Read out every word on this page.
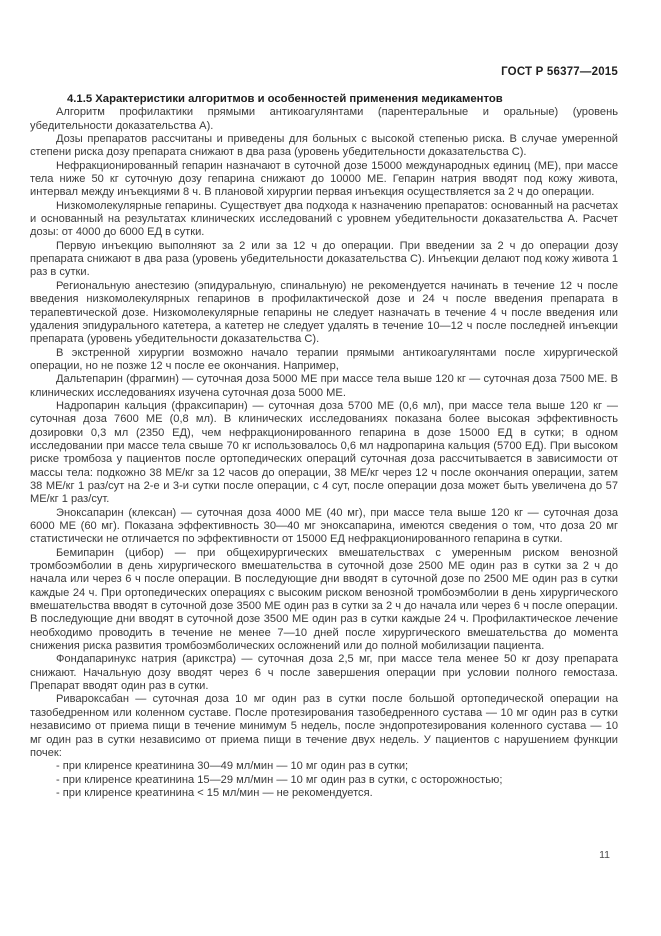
ГОСТ Р 56377—2015

4.1.5 Характеристики алгоритмов и особенностей применения медикаментов

Алгоритм профилактики прямыми антикоагулянтами (парентеральные и оральные) (уровень убедительности доказательства А).

Дозы препаратов рассчитаны и приведены для больных с высокой степенью риска. В случае умеренной степени риска дозу препарата снижают в два раза (уровень убедительности доказательства С).

Нефракционированный гепарин назначают в суточной дозе 15000 международных единиц (МЕ), при массе тела ниже 50 кг суточную дозу гепарина снижают до 10000 МЕ. Гепарин натрия вводят под кожу живота, интервал между инъекциями 8 ч. В плановой хирургии первая инъекция осуществляется за 2 ч до операции.

Низкомолекулярные гепарины. Существует два подхода к назначению препаратов: основанный на расчетах и основанный на результатах клинических исследований с уровнем убедительности доказательства А. Расчет дозы: от 4000 до 6000 ЕД в сутки.

Первую инъекцию выполняют за 2 или за 12 ч до операции. При введении за 2 ч до операции дозу препарата снижают в два раза (уровень убедительности доказательства С). Инъекции делают под кожу живота 1 раз в сутки.

Региональную анестезию (эпидуральную, спинальную) не рекомендуется начинать в течение 12 ч после введения низкомолекулярных гепаринов в профилактической дозе и 24 ч после введения препарата в терапевтической дозе. Низкомолекулярные гепарины не следует назначать в течение 4 ч после введения или удаления эпидурального катетера, а катетер не следует удалять в течение 10—12 ч после последней инъекции препарата (уровень убедительности доказательства С).

В экстренной хирургии возможно начало терапии прямыми антикоагулянтами после хирургической операции, но не позже 12 ч после ее окончания. Например,

Дальтепарин (фрагмин) — суточная доза 5000 МЕ при массе тела выше 120 кг — суточная доза 7500 МЕ. В клинических исследованиях изучена суточная доза 5000 МЕ.

Надропарин кальция (фраксипарин) — суточная доза 5700 МЕ (0,6 мл), при массе тела выше 120 кг — суточная доза 7600 МЕ (0,8 мл). В клинических исследованиях показана более высокая эффективность дозировки 0,3 мл (2350 ЕД), чем нефракционированного гепарина в дозе 15000 ЕД в сутки; в одном исследовании при массе тела свыше 70 кг использовалось 0,6 мл надропарина кальция (5700 ЕД). При высоком риске тромбоза у пациентов после ортопедических операций суточная доза рассчитывается в зависимости от массы тела: подкожно 38 МЕ/кг за 12 часов до операции, 38 МЕ/кг через 12 ч после окончания операции, затем 38 МЕ/кг 1 раз/сут на 2-е и 3-и сутки после операции, с 4 сут, после операции доза может быть увеличена до 57 МЕ/кг 1 раз/сут.

Эноксапарин (клексан) — суточная доза 4000 МЕ (40 мг), при массе тела выше 120 кг — суточная доза 6000 МЕ (60 мг). Показана эффективность 30—40 мг эноксапарина, имеются сведения о том, что доза 20 мг статистически не отличается по эффективности от 15000 ЕД нефракционированного гепарина в сутки.

Бемипарин (цибор) — при общехирургических вмешательствах с умеренным риском венозной тромбоэмболии в день хирургического вмешательства в суточной дозе 2500 МЕ один раз в сутки за 2 ч до начала или через 6 ч после операции. В последующие дни вводят в суточной дозе по 2500 МЕ один раз в сутки каждые 24 ч. При ортопедических операциях с высоким риском венозной тромбоэмболии в день хирургического вмешательства вводят в суточной дозе 3500 МЕ один раз в сутки за 2 ч до начала или через 6 ч после операции. В последующие дни вводят в суточной дозе 3500 МЕ один раз в сутки каждые 24 ч. Профилактическое лечение необходимо проводить в течение не менее 7—10 дней после хирургического вмешательства до момента снижения риска развития тромбоэмболических осложнений или до полной мобилизации пациента.

Фондапаринукс натрия (арикстра) — суточная доза 2,5 мг, при массе тела менее 50 кг дозу препарата снижают. Начальную дозу вводят через 6 ч после завершения операции при условии полного гемостаза. Препарат вводят один раз в сутки.

Ривароксабан — суточная доза 10 мг один раз в сутки после большой ортопедической операции на тазобедренном или коленном суставе. После протезирования тазобедренного сустава — 10 мг один раз в сутки независимо от приема пищи в течение минимум 5 недель, после эндопротезирования коленного сустава — 10 мг один раз в сутки независимо от приема пищи в течение двух недель. У пациентов с нарушением функции почек:

- при клиренсе креатинина 30—49 мл/мин — 10 мг один раз в сутки;

- при клиренсе креатинина 15—29 мл/мин — 10 мг один раз в сутки, с осторожностью;

- при клиренсе креатинина < 15 мл/мин — не рекомендуется.

11
